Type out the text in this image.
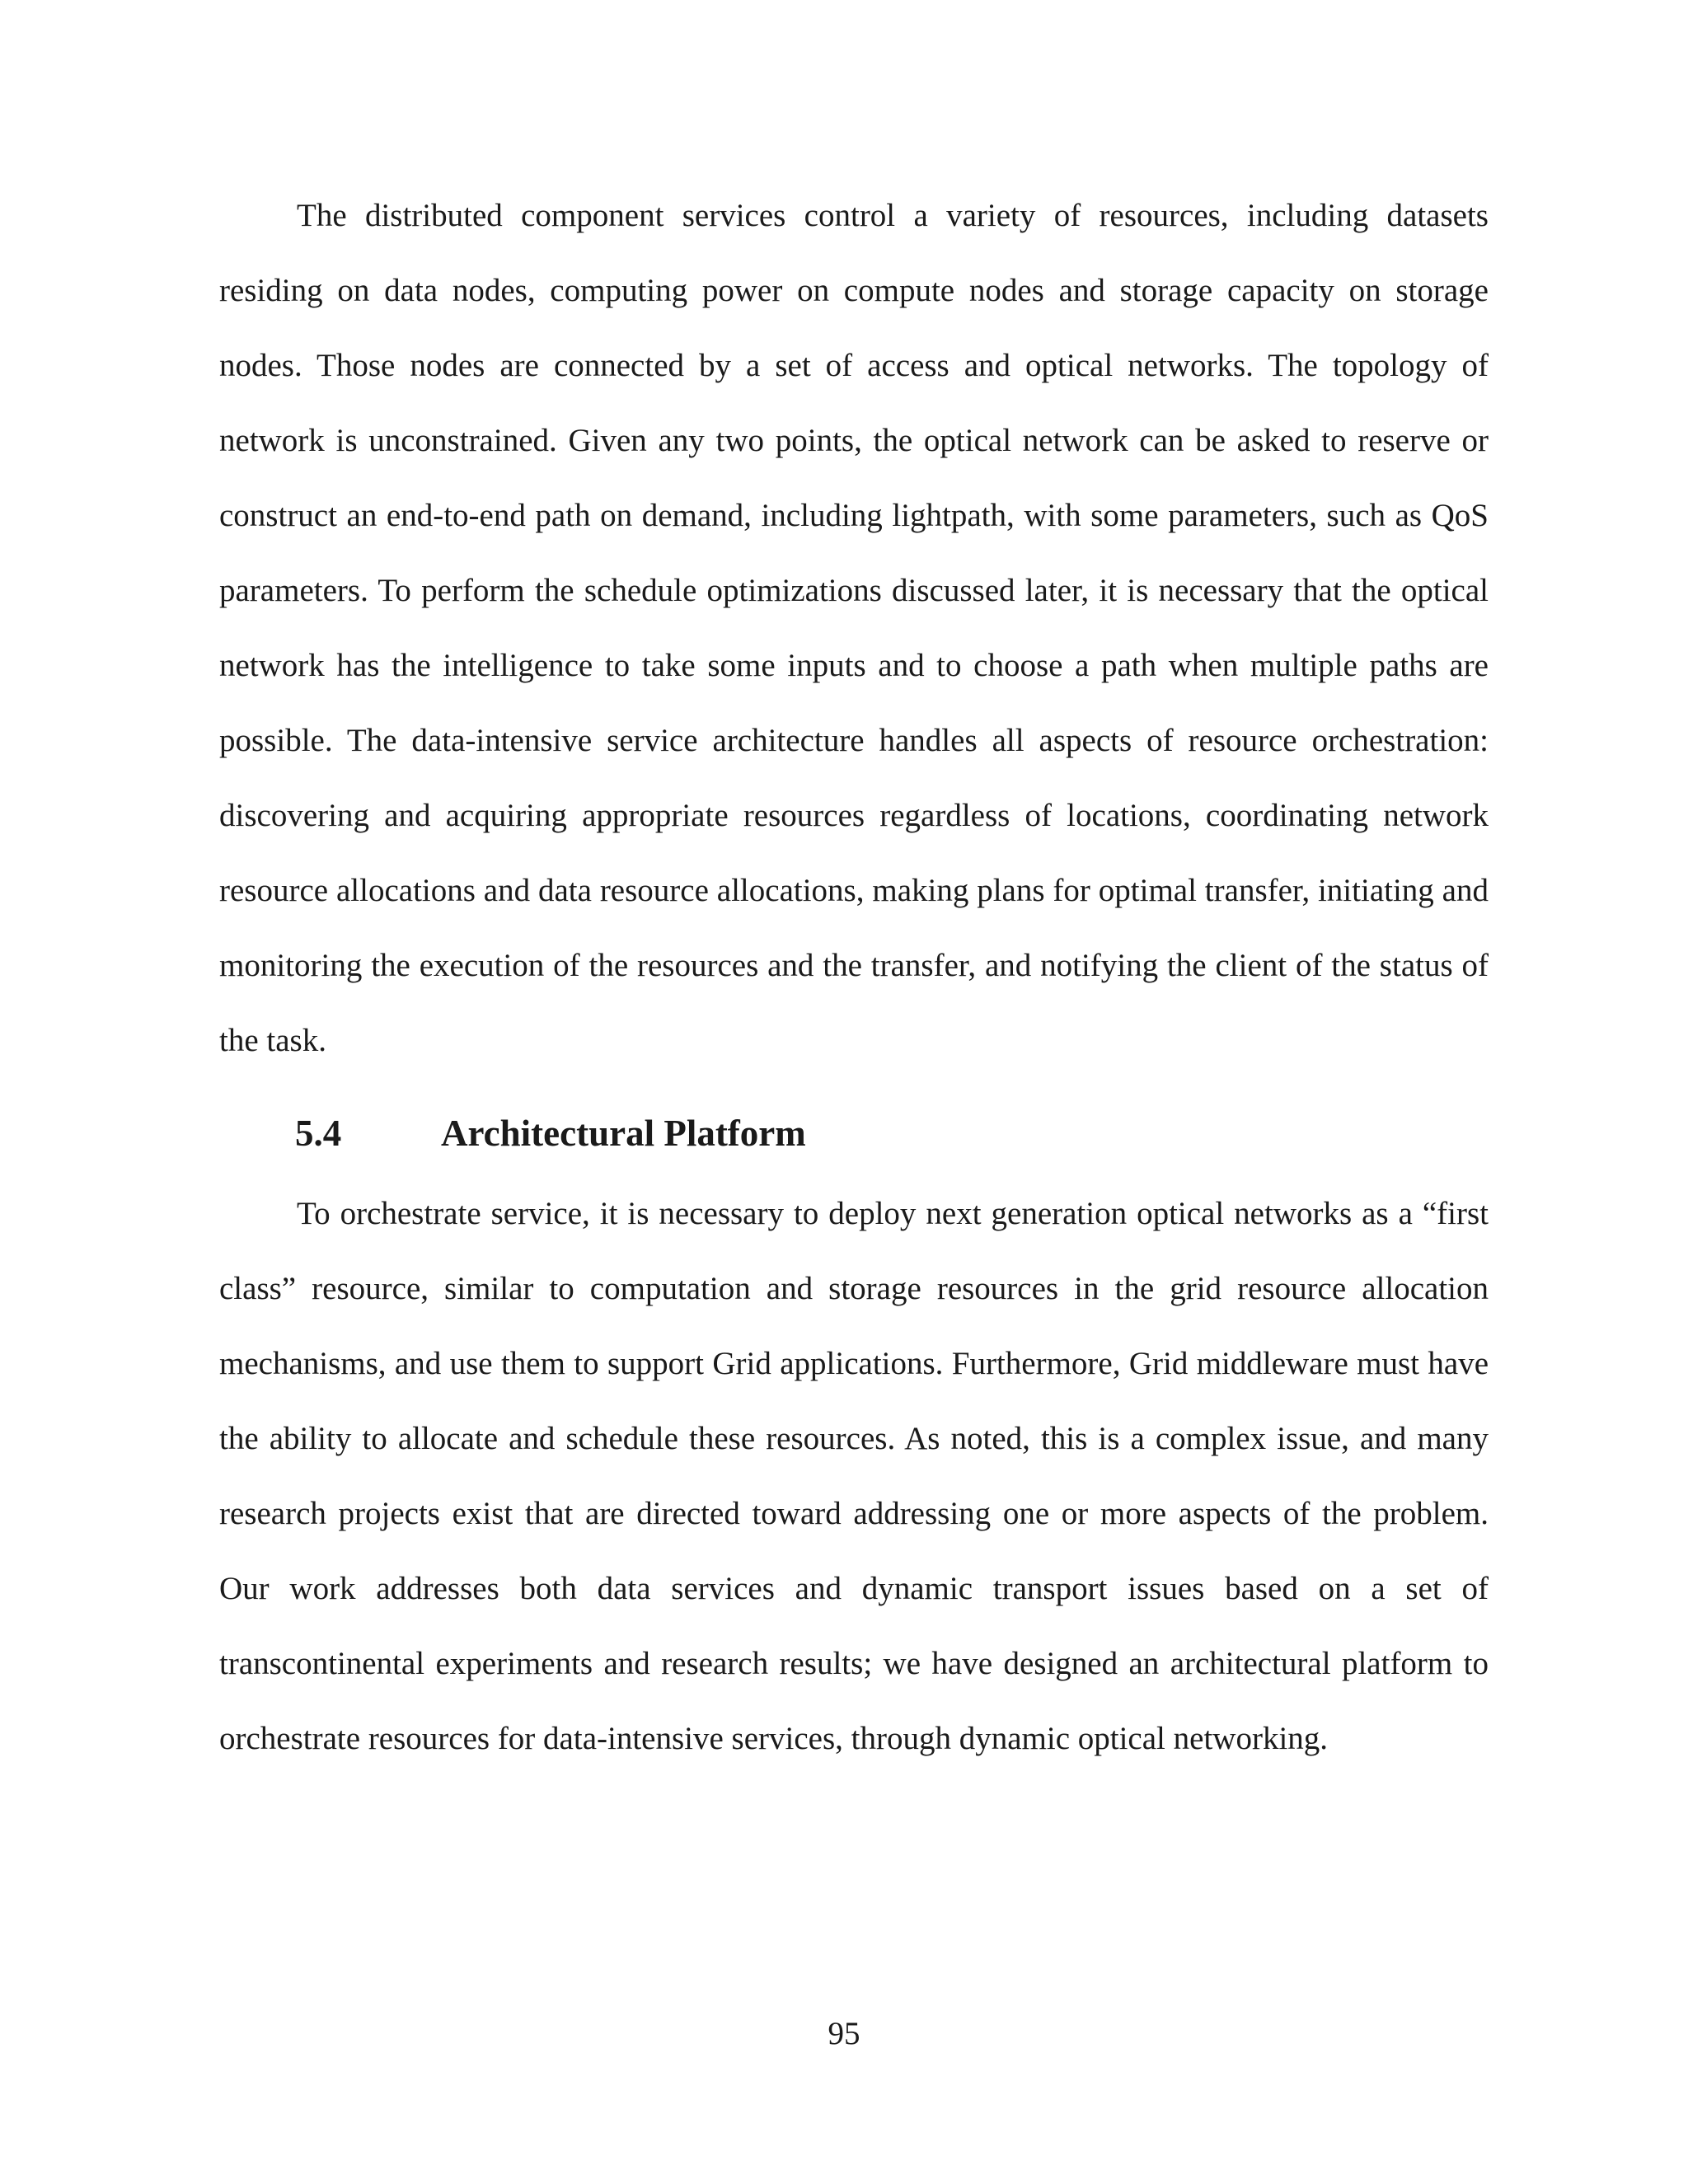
The distributed component services control a variety of resources, including datasets residing on data nodes, computing power on compute nodes and storage capacity on storage nodes. Those nodes are connected by a set of access and optical networks. The topology of network is unconstrained. Given any two points, the optical network can be asked to reserve or construct an end-to-end path on demand, including lightpath, with some parameters, such as QoS parameters. To perform the schedule optimizations discussed later, it is necessary that the optical network has the intelligence to take some inputs and to choose a path when multiple paths are possible. The data-intensive service architecture handles all aspects of resource orchestration: discovering and acquiring appropriate resources regardless of locations, coordinating network resource allocations and data resource allocations, making plans for optimal transfer, initiating and monitoring the execution of the resources and the transfer, and notifying the client of the status of the task.

5.4	Architectural Platform

To orchestrate service, it is necessary to deploy next generation optical networks as a “first class” resource, similar to computation and storage resources in the grid resource allocation mechanisms, and use them to support Grid applications. Furthermore, Grid middleware must have the ability to allocate and schedule these resources. As noted, this is a complex issue, and many research projects exist that are directed toward addressing one or more aspects of the problem. Our work addresses both data services and dynamic transport issues based on a set of transcontinental experiments and research results; we have designed an architectural platform to orchestrate resources for data-intensive services, through dynamic optical networking.

95
